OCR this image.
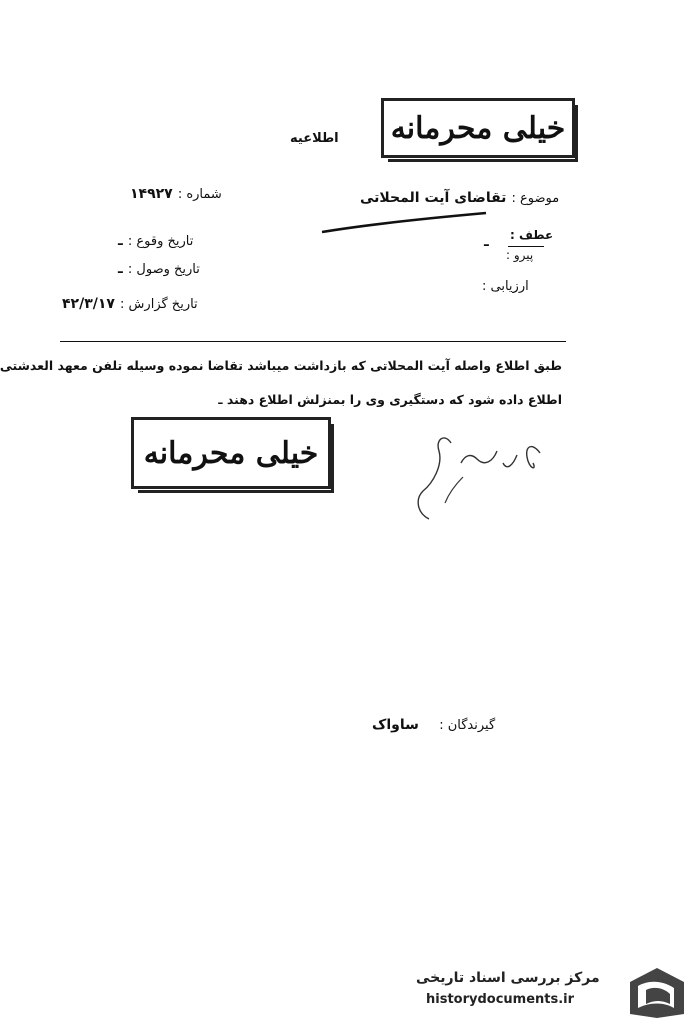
خیلی محرمانه
اطلاعیه
شماره : ۱۴۹۲۷	موضوع : تقاضای آیت المحلاتی
تاریخ وقوع : ـ
تاریخ وصول : ـ
تاریخ گزارش : ۴۲/۳/۱۷
عطف :
ـ
پیرو :
ارزیابی :
طبق اطلاع واصله آیت المحلاتی که بازداشت میباشد تقاضا نموده وسیله تلفن معهد العدشتی
اطلاع داده شود که دستگیری وی را بمنزلش اطلاع دهند ـ
خیلی محرمانه
گیرندگان :    ساواک
مرکز بررسی اسناد تاریخی
historydocuments.ir
